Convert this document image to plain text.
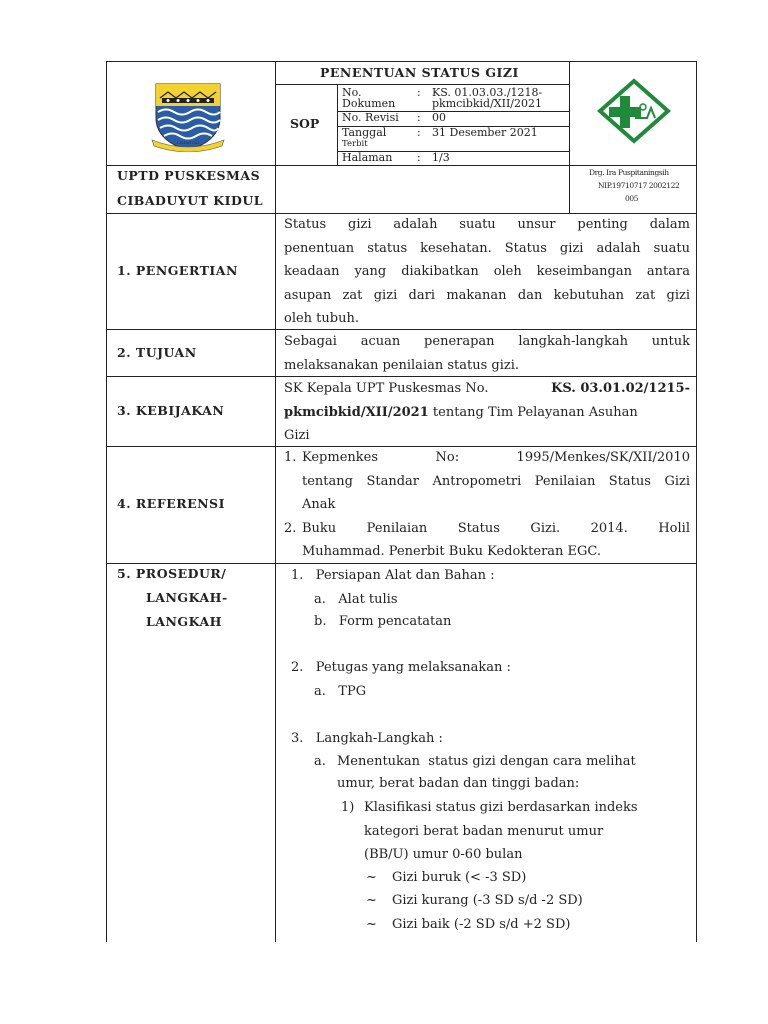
LEMAH CAI
PENENTUAN STATUS GIZI
SOP
No.
Dokumen
: KS. 01.03.03./1218-
pkmcibkid/XII/2021
No. Revisi : 00
Tanggal
Terbit
: 31 Desember 2021
Halaman : 1/3
UPTD PUSKESMAS
CIBADUYUT KIDUL
Drg. Ira Puspitaningsih
NIP.19710717 2002122
005
1. PENGERTIAN
Status gizi adalah suatu unsur penting dalam
penentuan status kesehatan. Status gizi adalah suatu
keadaan yang diakibatkan oleh keseimbangan antara
asupan zat gizi dari makanan dan kebutuhan zat gizi
oleh tubuh.
2. TUJUAN
Sebagai acuan penerapan langkah-langkah untuk
melaksanakan penilaian status gizi.
3. KEBIJAKAN
SK Kepala UPT Puskesmas No.	KS. 03.01.02/1215-
pkmcibkid/XII/2021 tentang Tim Pelayanan Asuhan
Gizi
4. REFERENSI
1. Kepmenkes No: 1995/Menkes/SK/XII/2010
tentang Standar Antropometri Penilaian Status Gizi
Anak
2. Buku Penilaian Status Gizi. 2014. Holil
Muhammad. Penerbit Buku Kedokteran EGC.
5. PROSEDUR/
LANGKAH-
LANGKAH
1.   Persiapan Alat dan Bahan :
a.   Alat tulis
b.   Form pencatatan
2.   Petugas yang melaksanakan :
a.   TPG
3.   Langkah-Langkah :
a. Menentukan  status gizi dengan cara melihat
umur, berat badan dan tinggi badan:
1) Klasifikasi status gizi berdasarkan indeks
kategori berat badan menurut umur
(BB/U) umur 0-60 bulan
~ Gizi buruk (< -3 SD)
~ Gizi kurang (-3 SD s/d -2 SD)
~ Gizi baik (-2 SD s/d +2 SD)
